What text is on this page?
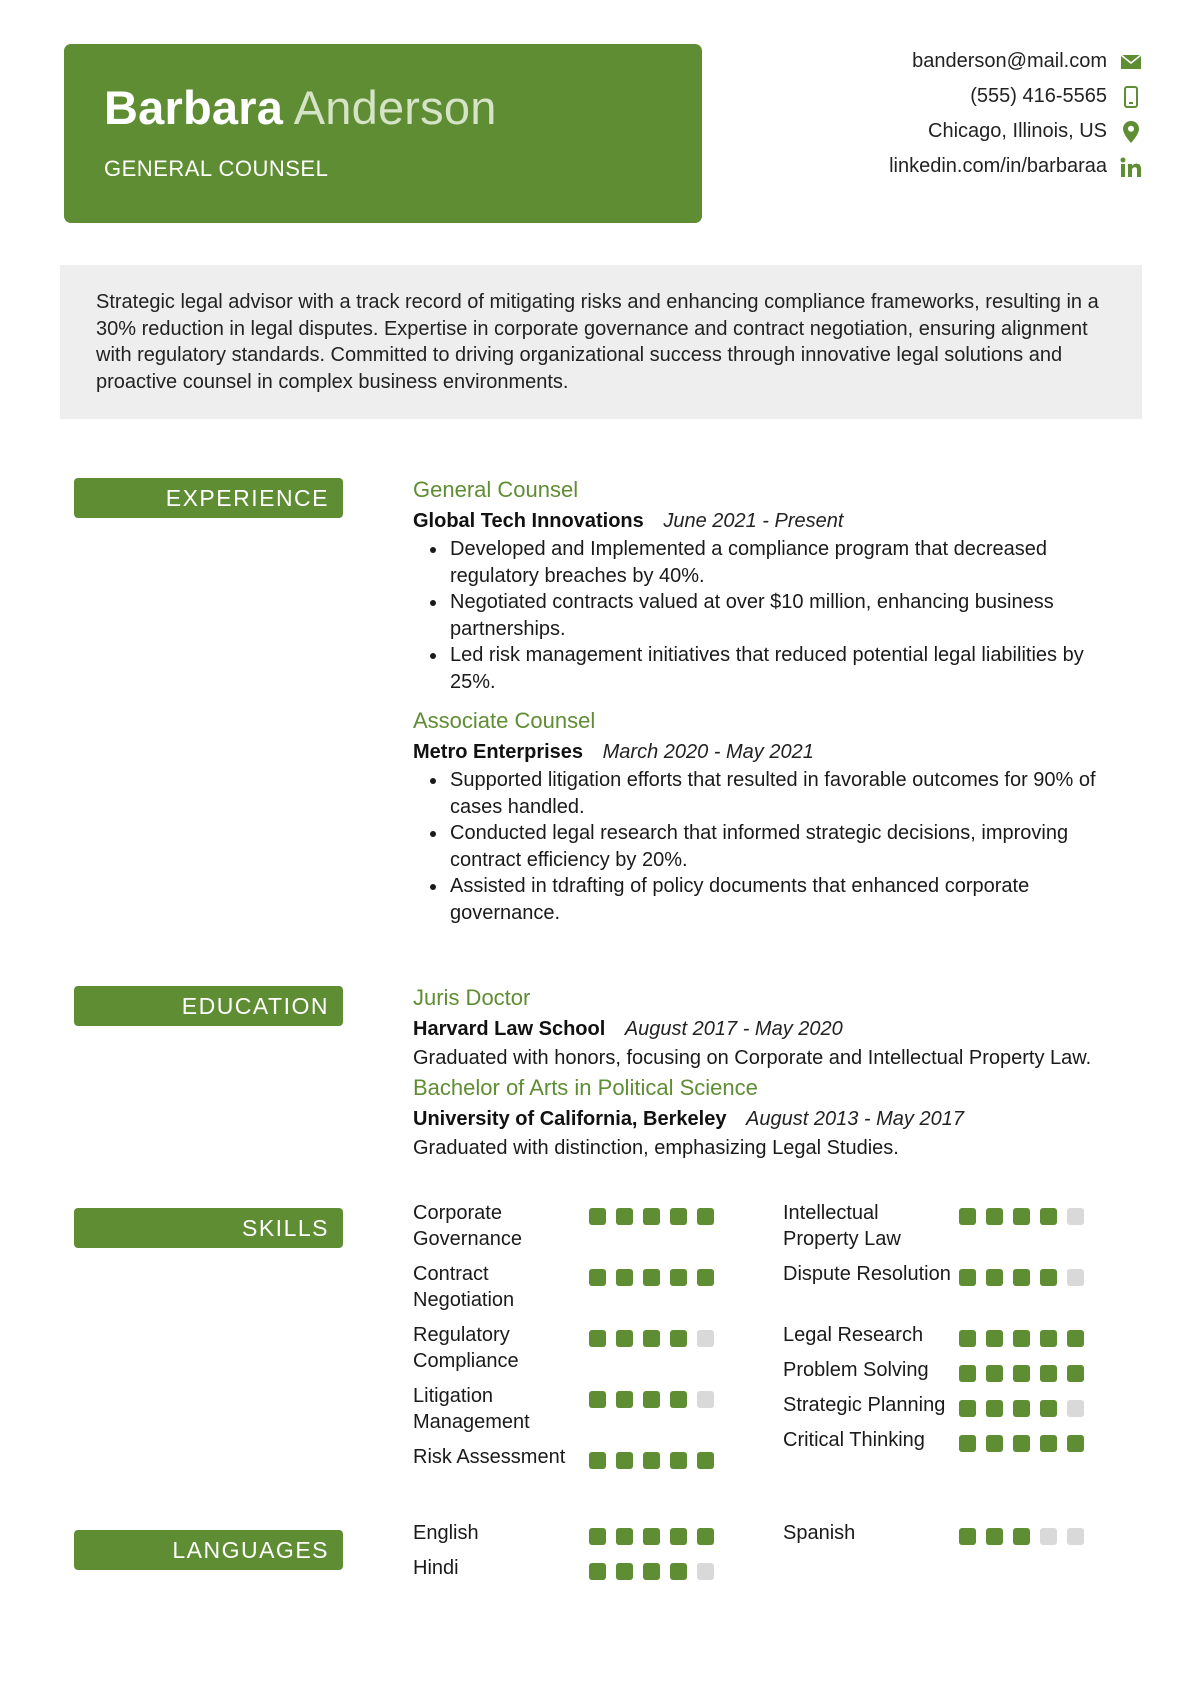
Barbara Anderson
GENERAL COUNSEL
banderson@mail.com
(555) 416-5565
Chicago, Illinois, US
linkedin.com/in/barbaraa
Strategic legal advisor with a track record of mitigating risks and enhancing compliance frameworks, resulting in a 30% reduction in legal disputes. Expertise in corporate governance and contract negotiation, ensuring alignment with regulatory standards. Committed to driving organizational success through innovative legal solutions and proactive counsel in complex business environments.
EXPERIENCE	General Counsel
Global Tech Innovations June 2021 - Present
• Developed and Implemented a compliance program that decreased regulatory breaches by 40%.
• Negotiated contracts valued at over $10 million, enhancing business partnerships.
• Led risk management initiatives that reduced potential legal liabilities by 25%.
Associate Counsel
Metro Enterprises March 2020 - May 2021
• Supported litigation efforts that resulted in favorable outcomes for 90% of cases handled.
• Conducted legal research that informed strategic decisions, improving contract efficiency by 20%.
• Assisted in tdrafting of policy documents that enhanced corporate governance.
EDUCATION	Juris Doctor
Harvard Law School August 2017 - May 2020
Graduated with honors, focusing on Corporate and Intellectual Property Law.
Bachelor of Arts in Political Science
University of California, Berkeley August 2013 - May 2017
Graduated with distinction, emphasizing Legal Studies.
SKILLS
Corporate Governance
Contract Negotiation
Regulatory Compliance
Litigation Management
Risk Assessment
Intellectual Property Law
Dispute Resolution
Legal Research
Problem Solving
Strategic Planning
Critical Thinking
LANGUAGES
English
Hindi
Spanish
